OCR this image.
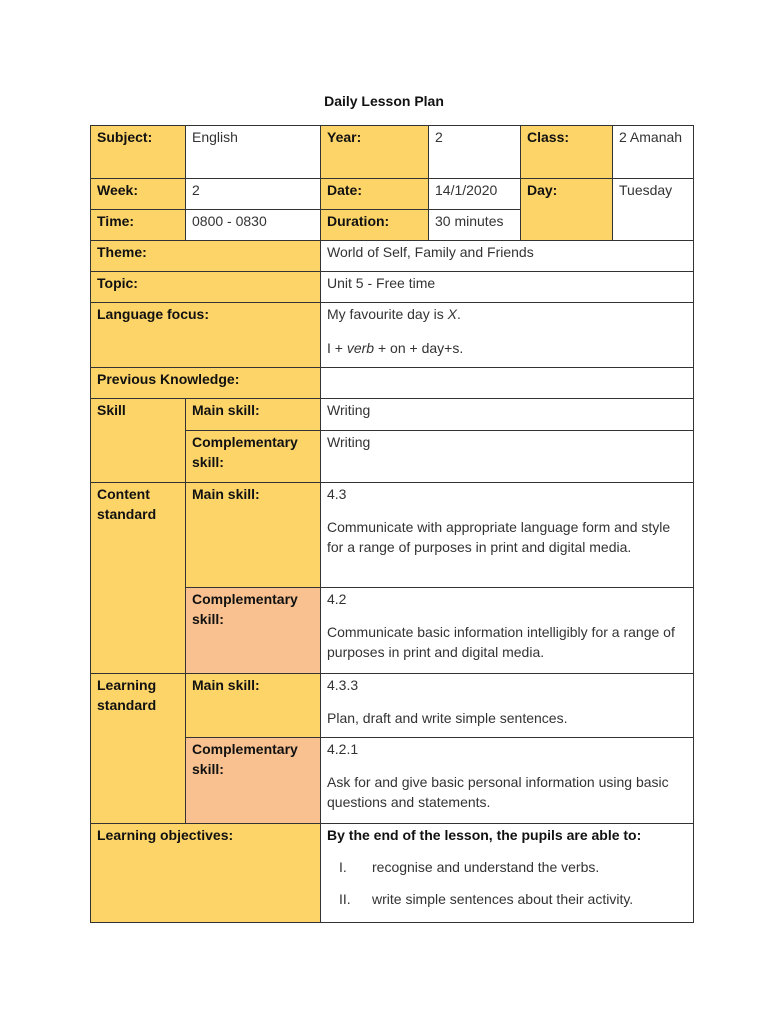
Daily Lesson Plan
Subject:	English	Year:	2	Class:	2 Amanah
Week:	2	Date:	14/1/2020	Day:	Tuesday
Time:	0800 - 0830	Duration:	30 minutes		
Theme:		World of Self, Family and Friends			
Topic:		Unit 5 - Free time			
Language focus:		My favourite day is X.
I + verb + on + day+s.			

Previous Knowledge:					
Skill	Main skill:	Writing			
	Complementary skill:	Writing			
Content standard	Main skill:	4.3
Communicate with appropriate language form and style for a range of purposes in print and digital media.			

	Complementary skill:	4.2
Communicate basic information intelligibly for a range of purposes in print and digital media.			

Learning standard	Main skill:	4.3.3
Plan, draft and write simple sentences.			

	Complementary skill:	4.2.1
Ask for and give basic personal information using basic questions and statements.			

Learning objectives:		By the end of the lesson, the pupils are able to:
I. recognise and understand the verbs.
II. write simple sentences about their activity.			
